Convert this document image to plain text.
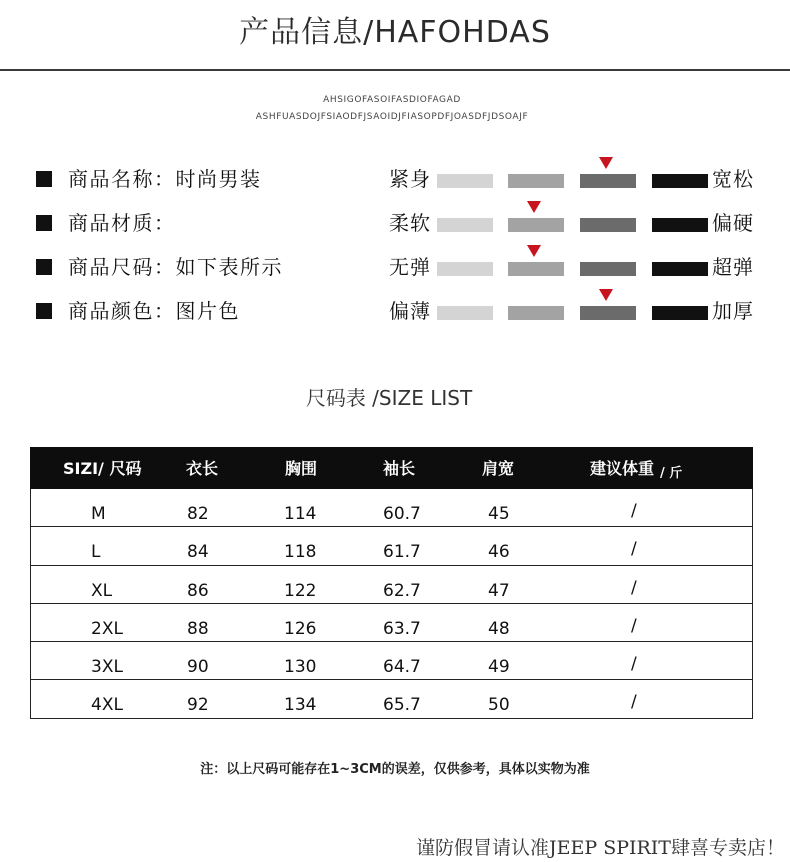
产品信息/HAFOHDAS
AHSIGOFASOIFASDIOFAGAD
ASHFUASDOJFSIAODFJSAOIDJFIASOPDFJOASDFJDSOAJF
商品名称：时尚男装	紧身	宽松
商品材质：	柔软	偏硬
商品尺码：如下表所示	无弹	超弹
商品颜色：图片色	偏薄	加厚
尺码表 /SIZE LIST
SIZI/ 尺码	衣长	胸围	袖长	肩宽	建议体重 / 斤
M	82	114	60.7	45	/
L	84	118	61.7	46	/
XL	86	122	62.7	47	/
2XL	88	126	63.7	48	/
3XL	90	130	64.7	49	/
4XL	92	134	65.7	50	/
注：以上尺码可能存在1~3CM的误差，仅供参考，具体以实物为准
谨防假冒请认准JEEP SPIRIT肆喜专卖店！
